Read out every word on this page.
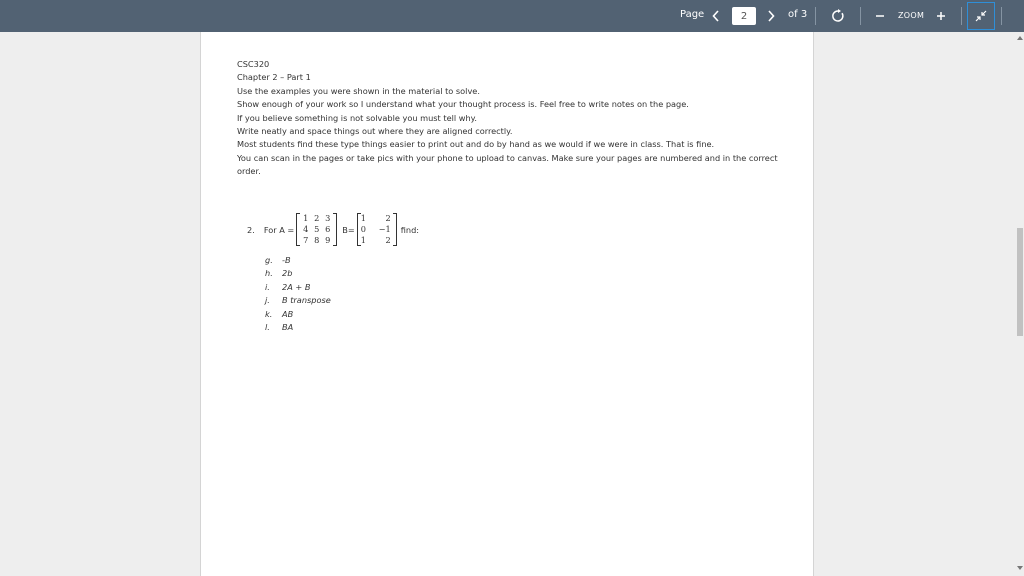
Page
2	of 3	ZOOM
CSC320
Chapter 2 – Part 1
Use the examples you were shown in the material to solve.
Show enough of your work so I understand what your thought process is. Feel free to write notes on the page.
If you believe something is not solvable you must tell why.
Write neatly and space things out where they are aligned correctly.
Most students find these type things easier to print out and do by hand as we would if we were in class. That is fine.
You can scan in the pages or take pics with your phone to upload to canvas. Make sure your pages are numbered and in the correct order.
2. For A =
1 2 3
4 5 6
7 8 9
B=
1	2
0	−1
1	2
find:
g.	-B
h.	2b
i.	2A + B
j.	B transpose
k.	AB
l.	BA
